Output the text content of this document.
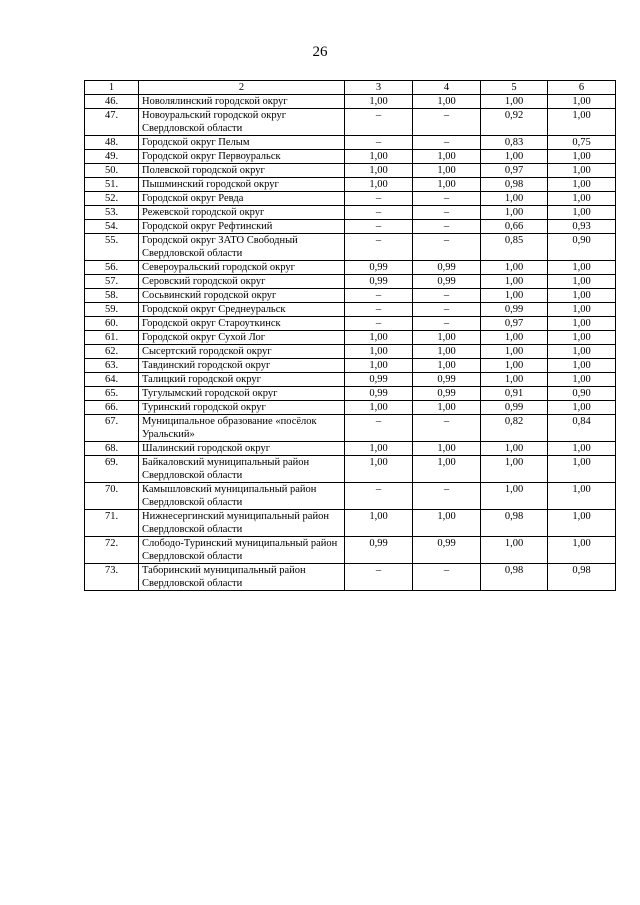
26
1	2	3	4	5	6
46.	Новолялинский городской округ	1,00	1,00	1,00	1,00
47.	Новоуральский городской округ Свердловской области	–	–	0,92	1,00
48.	Городской округ Пелым	–	–	0,83	0,75
49.	Городской округ Первоуральск	1,00	1,00	1,00	1,00
50.	Полевской городской округ	1,00	1,00	0,97	1,00
51.	Пышминский городской округ	1,00	1,00	0,98	1,00
52.	Городской округ Ревда	–	–	1,00	1,00
53.	Режевской городской округ	–	–	1,00	1,00
54.	Городской округ Рефтинский	–	–	0,66	0,93
55.	Городской округ ЗАТО Свободный Свердловской области	–	–	0,85	0,90
56.	Североуральский городской округ	0,99	0,99	1,00	1,00
57.	Серовский городской округ	0,99	0,99	1,00	1,00
58.	Сосьвинский городской округ	–	–	1,00	1,00
59.	Городской округ Среднеуральск	–	–	0,99	1,00
60.	Городской округ Староуткинск	–	–	0,97	1,00
61.	Городской округ Сухой Лог	1,00	1,00	1,00	1,00
62.	Сысертский городской округ	1,00	1,00	1,00	1,00
63.	Тавдинский городской округ	1,00	1,00	1,00	1,00
64.	Талицкий городской округ	0,99	0,99	1,00	1,00
65.	Тугулымский городской округ	0,99	0,99	0,91	0,90
66.	Туринский городской округ	1,00	1,00	0,99	1,00
67.	Муниципальное образование «посёлок Уральский»	–	–	0,82	0,84
68.	Шалинский городской округ	1,00	1,00	1,00	1,00
69.	Байкаловский муниципальный район Свердловской области	1,00	1,00	1,00	1,00
70.	Камышловский муниципальный район Свердловской области	–	–	1,00	1,00
71.	Нижнесергинский муниципальный район Свердловской области	1,00	1,00	0,98	1,00
72.	Слободо-Туринский муниципальный район Свердловской области	0,99	0,99	1,00	1,00
73.	Таборинский муниципальный район Свердловской области	–	–	0,98	0,98
